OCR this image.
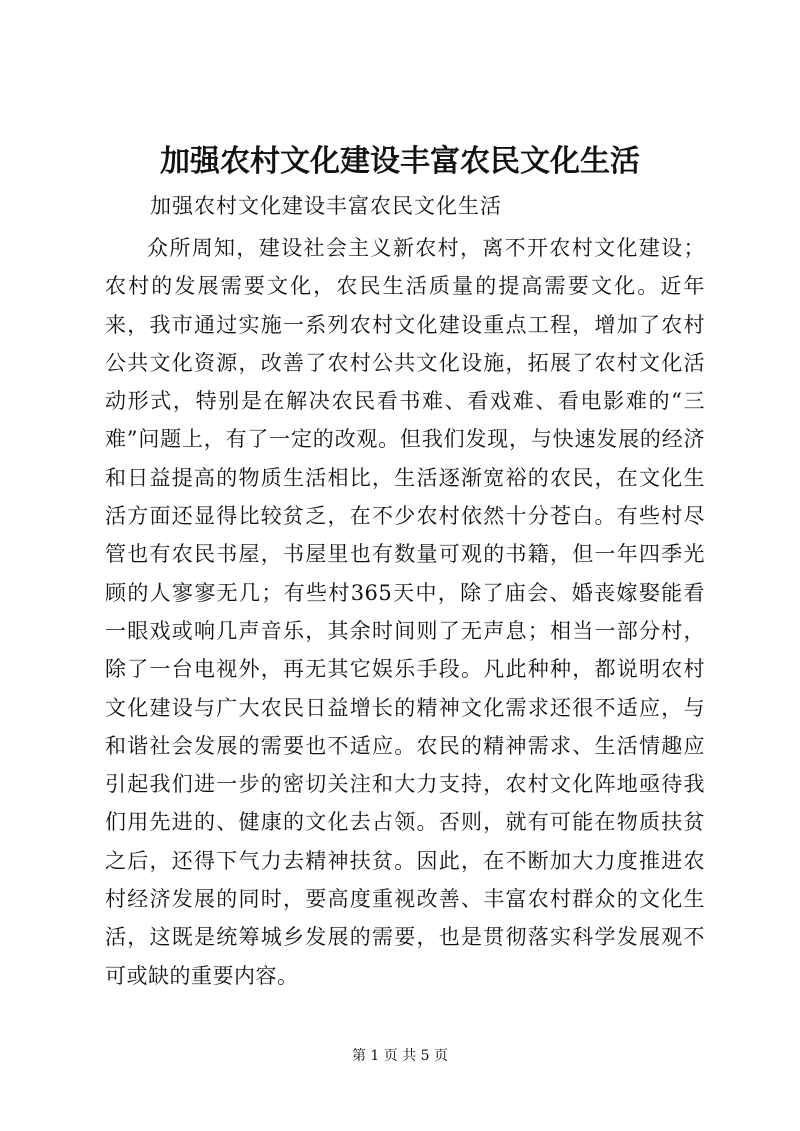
加强农村文化建设丰富农民文化生活

加强农村文化建设丰富农民文化生活

众所周知，建设社会主义新农村，离不开农村文化建设；农村的发展需要文化，农民生活质量的提高需要文化。近年来，我市通过实施一系列农村文化建设重点工程，增加了农村公共文化资源，改善了农村公共文化设施，拓展了农村文化活动形式，特别是在解决农民看书难、看戏难、看电影难的“三难”问题上，有了一定的改观。但我们发现，与快速发展的经济和日益提高的物质生活相比，生活逐渐宽裕的农民，在文化生活方面还显得比较贫乏，在不少农村依然十分苍白。有些村尽管也有农民书屋，书屋里也有数量可观的书籍，但一年四季光顾的人寥寥无几；有些村365天中，除了庙会、婚丧嫁娶能看一眼戏或响几声音乐，其余时间则了无声息；相当一部分村，除了一台电视外，再无其它娱乐手段。凡此种种，都说明农村文化建设与广大农民日益增长的精神文化需求还很不适应，与和谐社会发展的需要也不适应。农民的精神需求、生活情趣应引起我们进一步的密切关注和大力支持，农村文化阵地亟待我们用先进的、健康的文化去占领。否则，就有可能在物质扶贫之后，还得下气力去精神扶贫。因此，在不断加大力度推进农村经济发展的同时，要高度重视改善、丰富农村群众的文化生活，这既是统筹城乡发展的需要，也是贯彻落实科学发展观不可或缺的重要内容。

第 1 页 共 5 页
